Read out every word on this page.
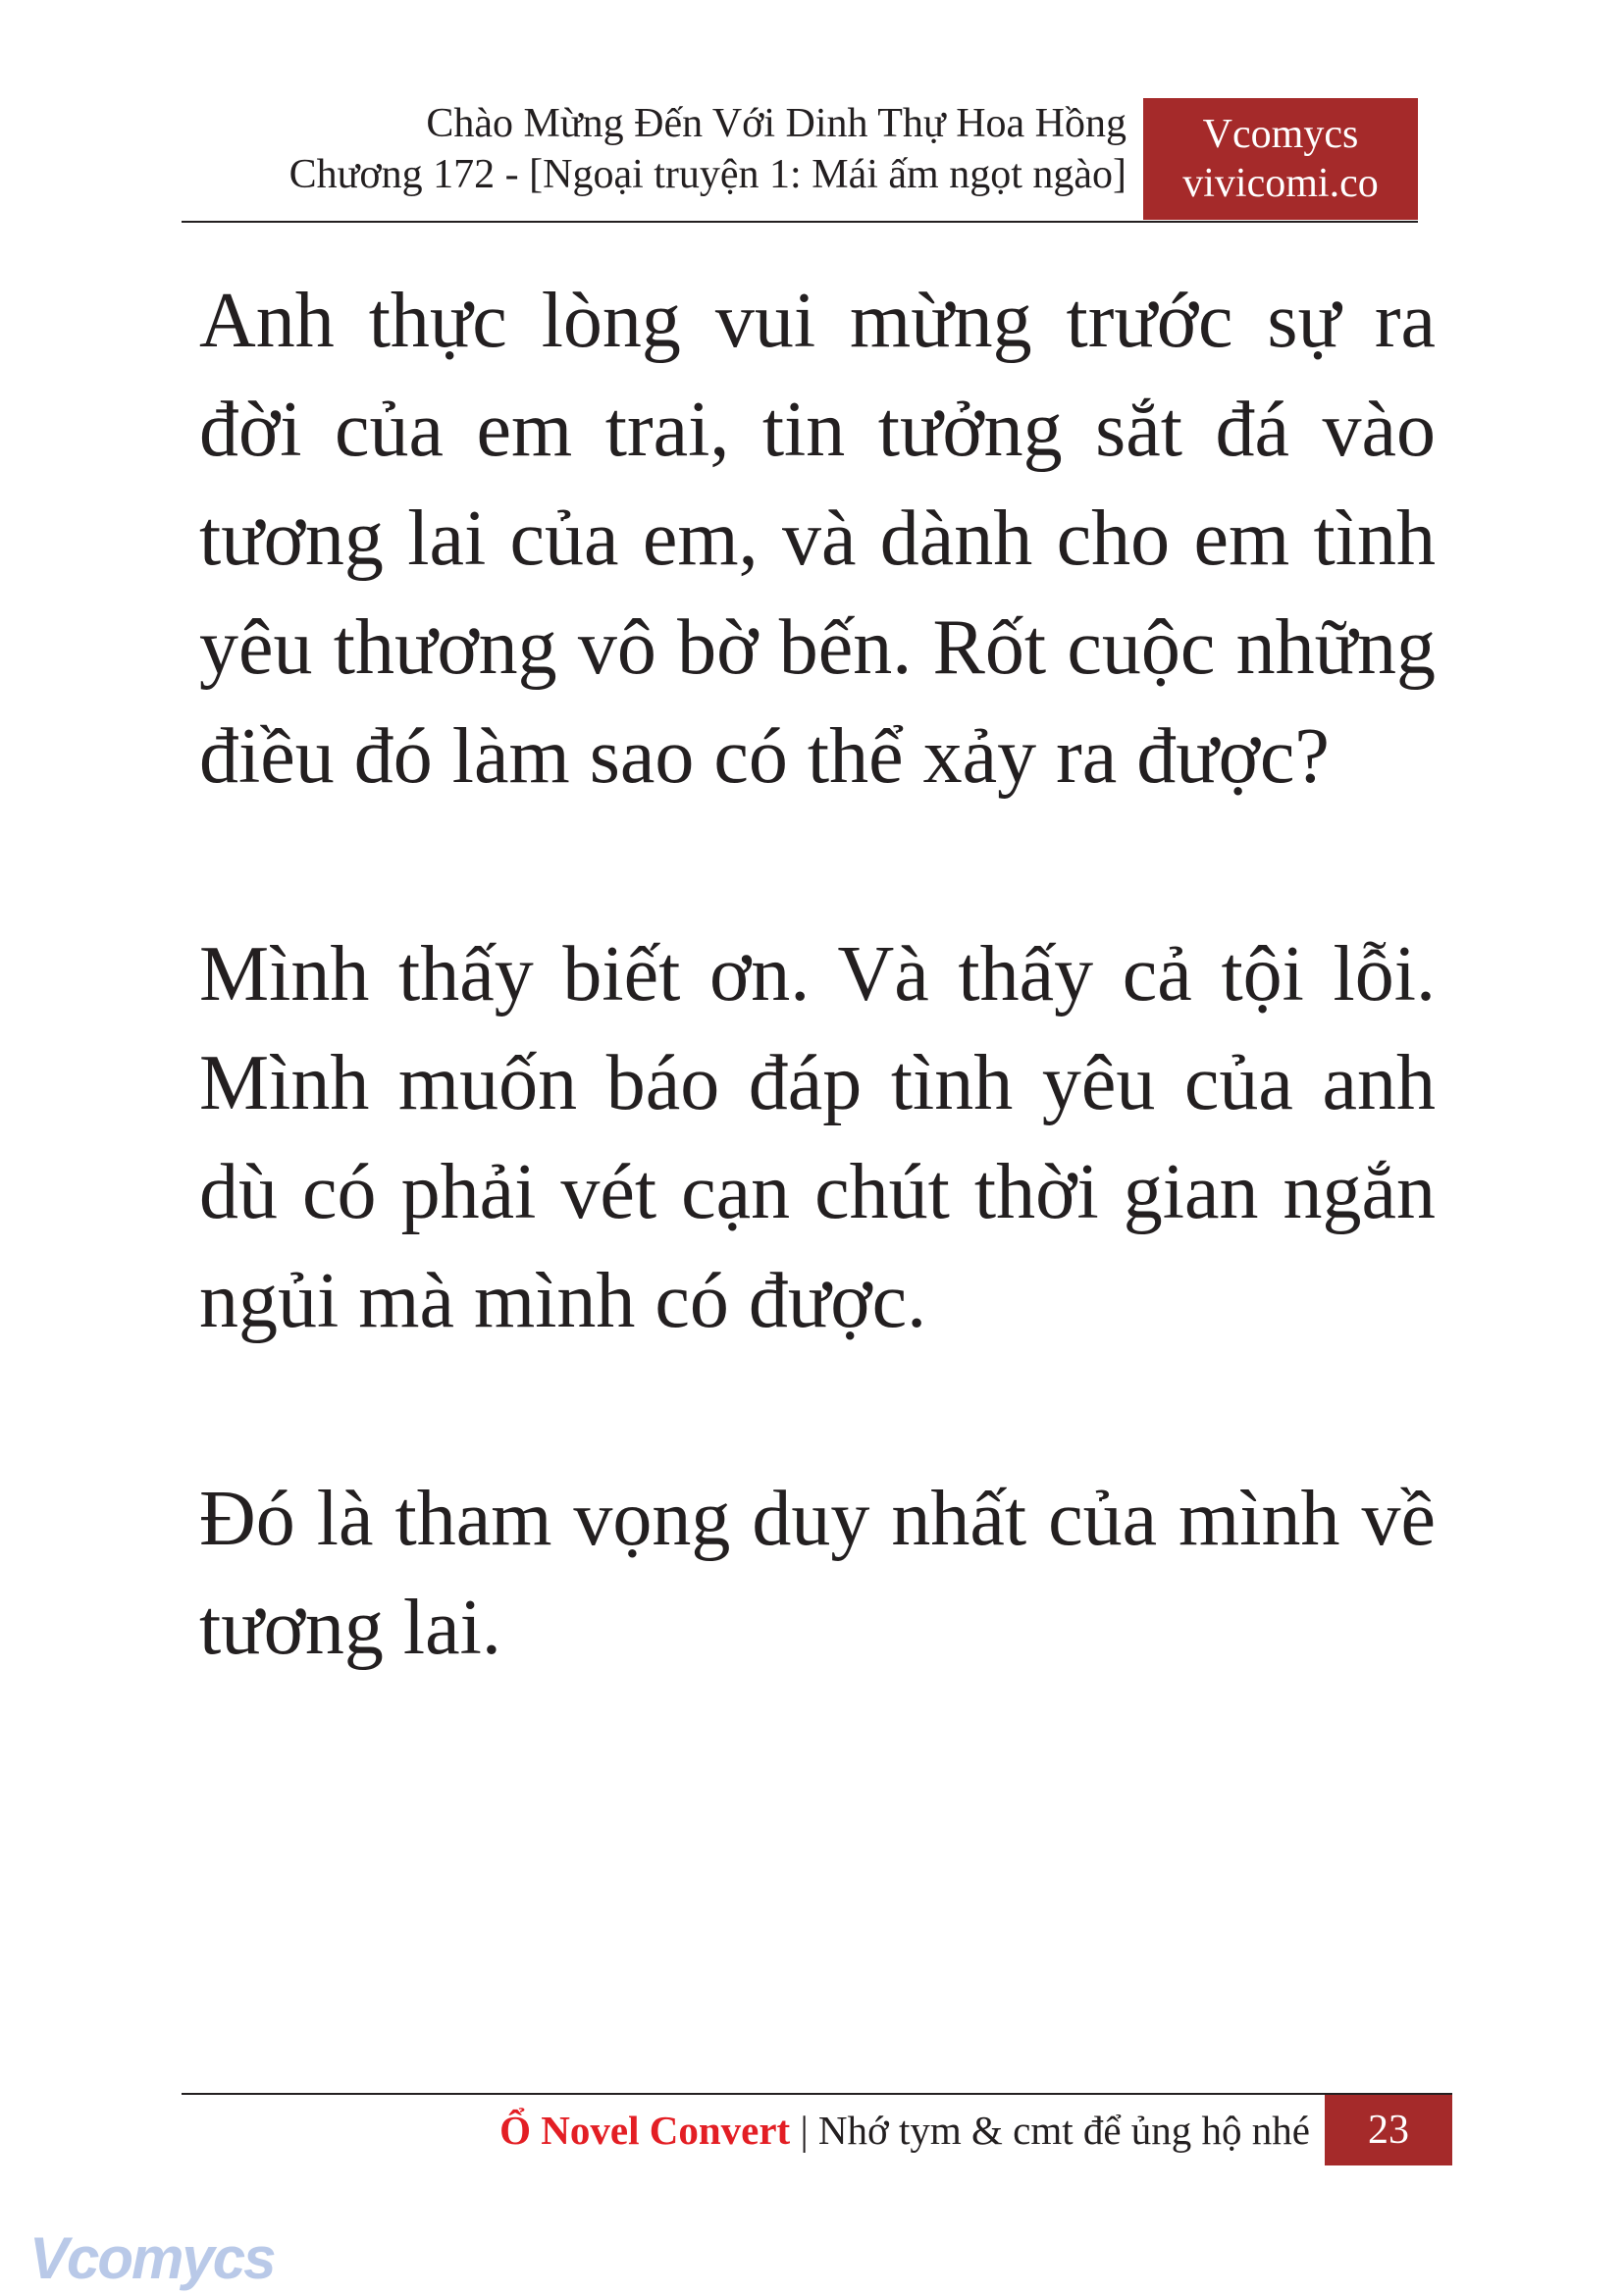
Chào Mừng Đến Với Dinh Thự Hoa Hồng
Chương 172 - [Ngoại truyện 1: Mái ấm ngọt ngào]
Vcomycs
vivicomi.co

Anh thực lòng vui mừng trước sự ra đời của em trai, tin tưởng sắt đá vào tương lai của em, và dành cho em tình yêu thương vô bờ bến. Rốt cuộc những điều đó làm sao có thể xảy ra được?

Mình thấy biết ơn. Và thấy cả tội lỗi. Mình muốn báo đáp tình yêu của anh dù có phải vét cạn chút thời gian ngắn ngủi mà mình có được.

Đó là tham vọng duy nhất của mình về tương lai.

Ổ Novel Convert | Nhớ tym & cmt để ủng hộ nhé	23
Vcomycs
